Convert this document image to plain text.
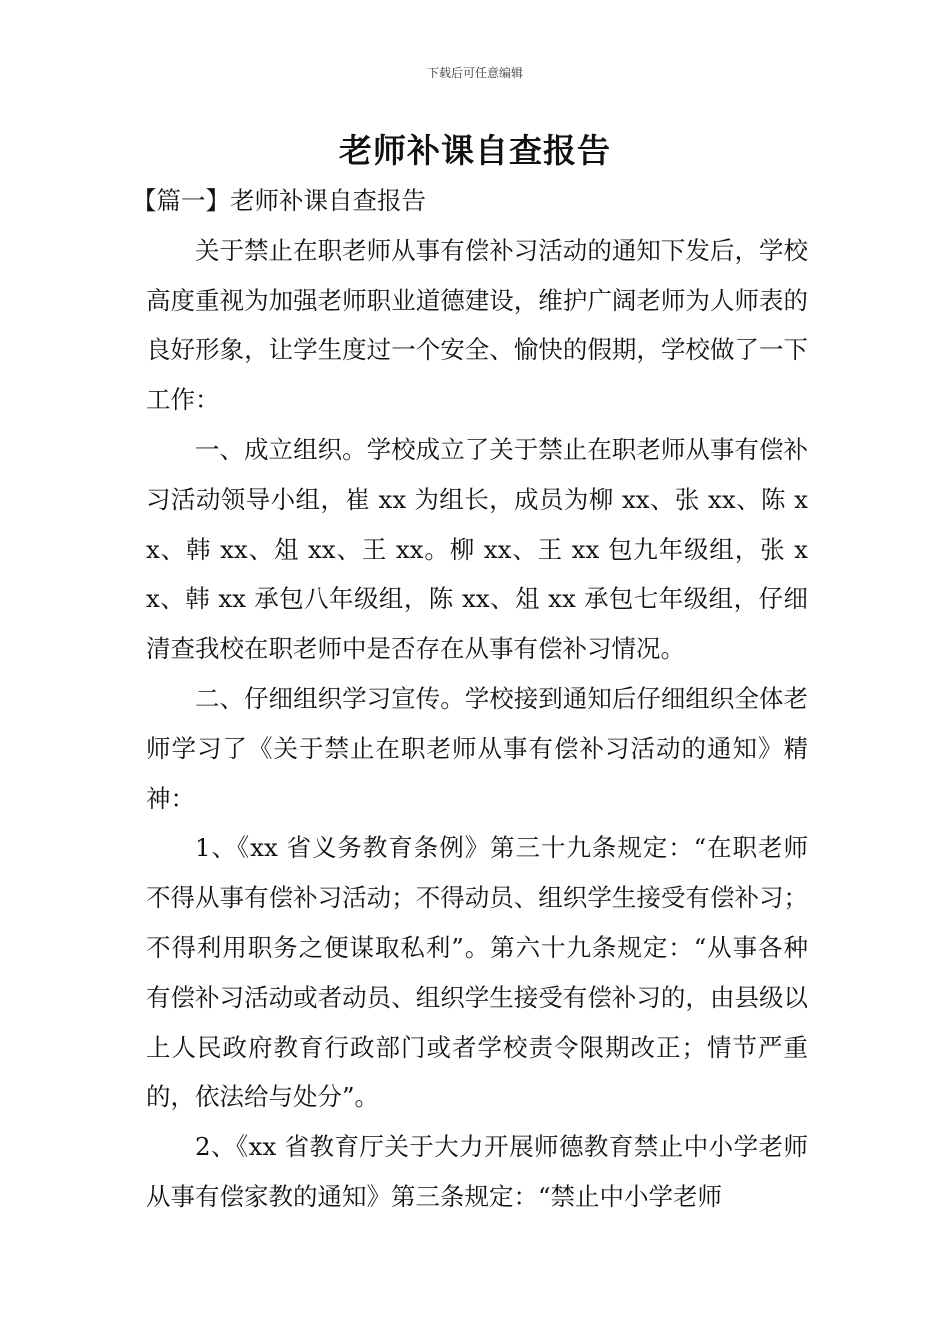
下载后可任意编辑
老师补课自查报告

【篇一】老师补课自查报告

关于禁止在职老师从事有偿补习活动的通知下发后，学校高度重视为加强老师职业道德建设，维护广阔老师为人师表的良好形象，让学生度过一个安全、愉快的假期，学校做了一下工作：

一、成立组织。学校成立了关于禁止在职老师从事有偿补习活动领导小组，崔 xx 为组长，成员为柳 xx、张 xx、陈 xx、韩 xx、俎 xx、王 xx。柳 xx、王 xx 包九年级组，张 xx、韩 xx 承包八年级组，陈 xx、俎 xx 承包七年级组，仔细清查我校在职老师中是否存在从事有偿补习情况。

二、仔细组织学习宣传。学校接到通知后仔细组织全体老师学习了《关于禁止在职老师从事有偿补习活动的通知》精神：

1、《xx 省义务教育条例》第三十九条规定：“在职老师不得从事有偿补习活动；不得动员、组织学生接受有偿补习；不得利用职务之便谋取私利”。第六十九条规定：“从事各种有偿补习活动或者动员、组织学生接受有偿补习的，由县级以上人民政府教育行政部门或者学校责令限期改正；情节严重的，依法给与处分”。

2、《xx 省教育厅关于大力开展师德教育禁止中小学老师从事有偿家教的通知》第三条规定：“禁止中小学老师
